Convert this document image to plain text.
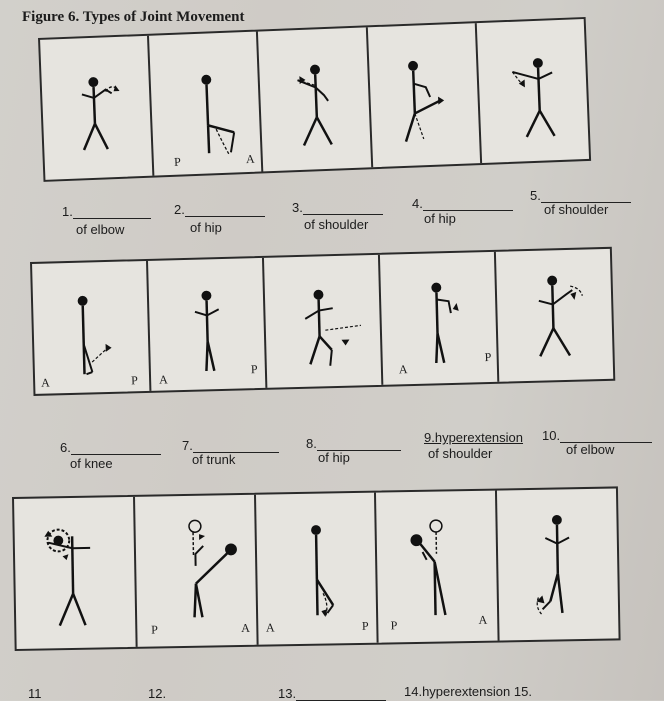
Figure 6. Types of Joint Movement
P	A
1.
of elbow
2.
of hip
3.
of shoulder
4.
of hip
5.
of shoulder
A	P A
P	A
P
6.
of knee
7.
of trunk
8.
of hip
9.hyperextension
of shoulder
10.
of elbow
P	A A	P P	A
11	12.	13.	14.hyperextension 15.
